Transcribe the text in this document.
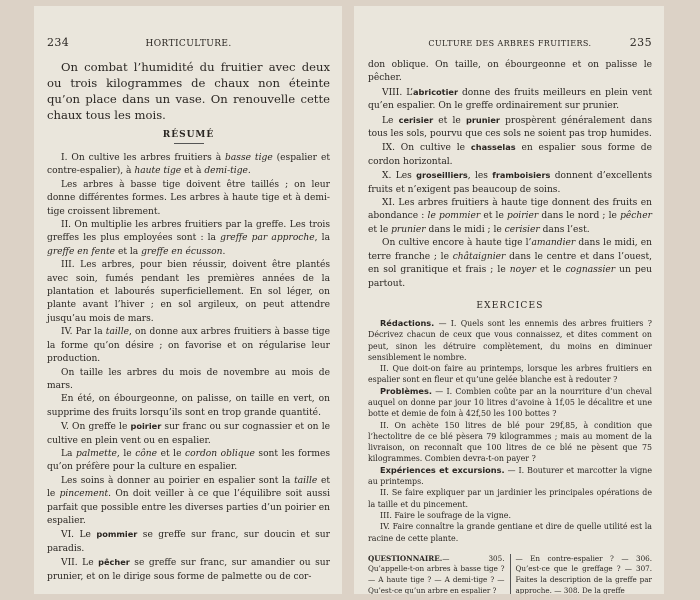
234	HORTICULTURE.

On combat l’humidité du fruitier avec deux ou trois kilogrammes de chaux non éteinte qu’on place dans un vase. On renouvelle cette chaux tous les mois.

RÉSUMÉ

I. On cultive les arbres fruitiers à basse tige (espalier et contre-espalier), à haute tige et à demi-tige.

Les arbres à basse tige doivent être taillés ; on leur donne différentes formes. Les arbres à haute tige et à demi-tige croissent librement.

II. On multiplie les arbres fruitiers par la greffe. Les trois greffes les plus employées sont : la greffe par approche, la greffe en fente et la greffe en écusson.

III. Les arbres, pour bien réussir, doivent être plantés avec soin, fumés pendant les premières années de la plantation et labourés superficiellement. En sol léger, on plante avant l’hiver ; en sol argileux, on peut attendre jusqu’au mois de mars.

IV. Par la taille, on donne aux arbres fruitiers à basse tige la forme qu’on désire ; on favorise et on régularise leur production.

On taille les arbres du mois de novembre au mois de mars.

En été, on ébourgeonne, on palisse, on taille en vert, on supprime des fruits lorsqu’ils sont en trop grande quantité.

V. On greffe le poirier sur franc ou sur cognassier et on le cultive en plein vent ou en espalier.

La palmette, le cône et le cordon oblique sont les formes qu’on préfère pour la culture en espalier.

Les soins à donner au poirier en espalier sont la taille et le pincement. On doit veiller à ce que l’équilibre soit aussi parfait que possible entre les diverses parties d’un poirier en espalier.

VI. Le pommier se greffe sur franc, sur doucin et sur paradis.

VII. Le pêcher se greffe sur franc, sur amandier ou sur prunier, et on le dirige sous forme de palmette ou de cor-

CULTURE DES ARBRES FRUITIERS.	235

don oblique. On taille, on ébourgeonne et on palisse le pêcher.

VIII. L’abricotier donne des fruits meilleurs en plein vent qu’en espalier. On le greffe ordinairement sur prunier.

Le cerisier et le prunier prospèrent généralement dans tous les sols, pourvu que ces sols ne soient pas trop humides.

IX. On cultive le chasselas en espalier sous forme de cordon horizontal.

X. Les groseilliers, les framboisiers donnent d’excellents fruits et n’exigent pas beaucoup de soins.

XI. Les arbres fruitiers à haute tige donnent des fruits en abondance : le pommier et le poirier dans le nord ; le pêcher et le prunier dans le midi ; le cerisier dans l’est.

On cultive encore à haute tige l’amandier dans le midi, en terre franche ; le châtaignier dans le centre et dans l’ouest, en sol granitique et frais ; le noyer et le cognassier un peu partout.

EXERCICES

Rédactions. — I. Quels sont les ennemis des arbres fruitiers ? Décrivez chacun de ceux que vous connaissez, et dites comment on peut, sinon les détruire complètement, du moins en diminuer sensiblement le nombre.

II. Que doit-on faire au printemps, lorsque les arbres fruitiers en espalier sont en fleur et qu’une gelée blanche est à redouter ?

Problèmes. — I. Combien coûte par an la nourriture d’un cheval auquel on donne par jour 10 litres d’avoine à 1f,05 le décalitre et une botte et demie de foin à 42f,50 les 100 bottes ?

II. On achète 150 litres de blé pour 29f,85, à condition que l’hectolitre de ce blé pèsera 79 kilogrammes ; mais au moment de la livraison, on reconnaît que 100 litres de ce blé ne pèsent que 75 kilogrammes. Combien devra-t-on payer ?

Expériences et excursions. — I. Bouturer et marcotter la vigne au printemps.

II. Se faire expliquer par un jardinier les principales opérations de la taille et du pincement.

III. Faire le soufrage de la vigne.

IV. Faire connaître la grande gentiane et dire de quelle utilité est la racine de cette plante.

QUESTIONNAIRE.— 305. Qu’appelle-t-on arbres à basse tige ? — A haute tige ? — A demi-tige ? — Qu’est-ce qu’un arbre en espalier ?
— En contre-espalier ? — 306. Qu’est-ce que le greffage ? — 307. Faites la description de la greffe par approche. — 308. De la greffe
